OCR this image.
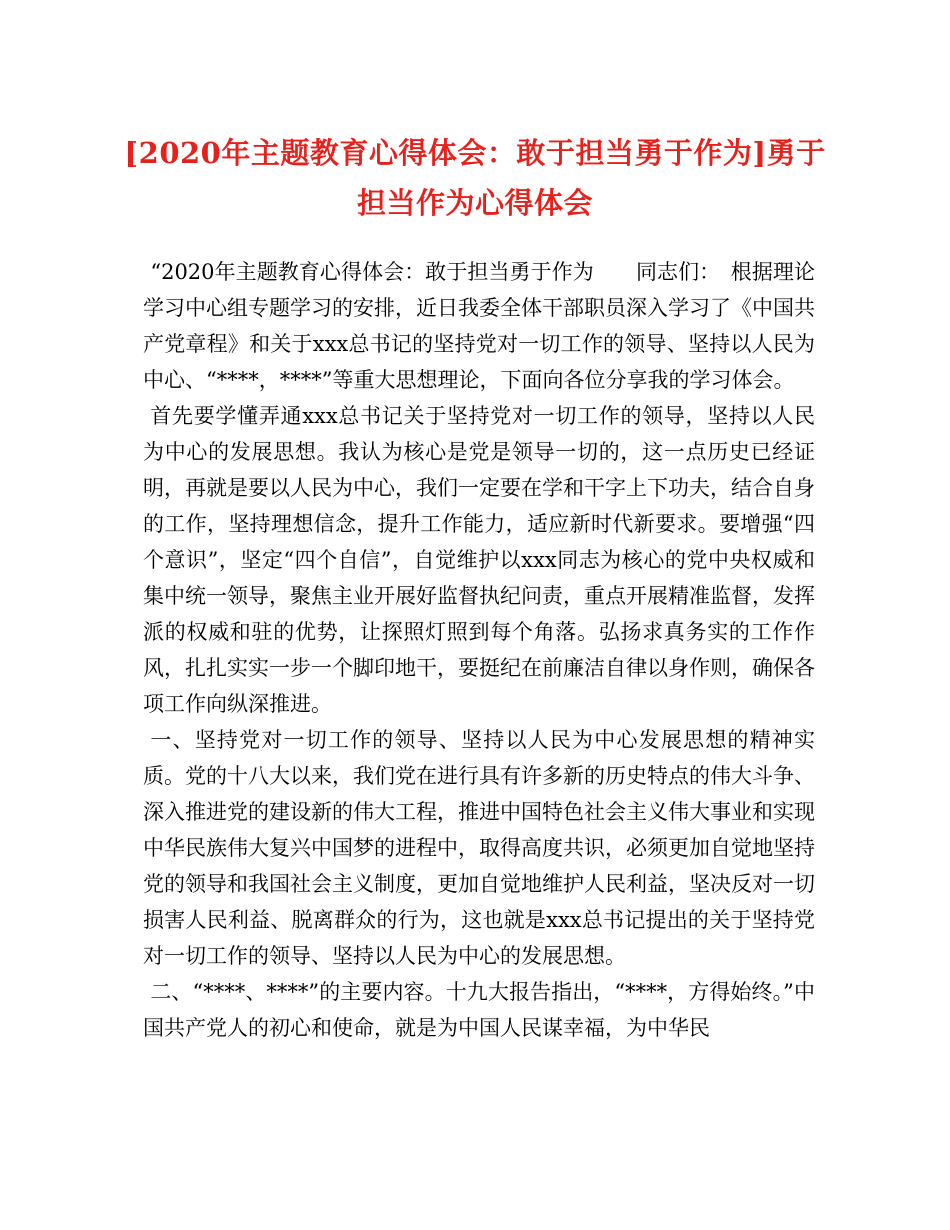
[2020年主题教育心得体会：敢于担当勇于作为]勇于担当作为心得体会

“2020年主题教育心得体会：敢于担当勇于作为　　同志们：　根据理论学习中心组专题学习的安排，近日我委全体干部职员深入学习了《中国共产党章程》和关于xxx总书记的坚持党对一切工作的领导、坚持以人民为中心、“****，****”等重大思想理论，下面向各位分享我的学习体会。

首先要学懂弄通xxx总书记关于坚持党对一切工作的领导，坚持以人民为中心的发展思想。我认为核心是党是领导一切的，这一点历史已经证明，再就是要以人民为中心，我们一定要在学和干字上下功夫，结合自身的工作，坚持理想信念，提升工作能力，适应新时代新要求。要增强“四个意识”，坚定“四个自信”，自觉维护以xxx同志为核心的党中央权威和集中统一领导，聚焦主业开展好监督执纪问责，重点开展精准监督，发挥派的权威和驻的优势，让探照灯照到每个角落。弘扬求真务实的工作作风，扎扎实实一步一个脚印地干，要挺纪在前廉洁自律以身作则，确保各项工作向纵深推进。

一、坚持党对一切工作的领导、坚持以人民为中心发展思想的精神实质。党的十八大以来，我们党在进行具有许多新的历史特点的伟大斗争、深入推进党的建设新的伟大工程，推进中国特色社会主义伟大事业和实现中华民族伟大复兴中国梦的进程中，取得高度共识，必须更加自觉地坚持党的领导和我国社会主义制度，更加自觉地维护人民利益，坚决反对一切损害人民利益、脱离群众的行为，这也就是xxx总书记提出的关于坚持党对一切工作的领导、坚持以人民为中心的发展思想。

二、“****、****”的主要内容。十九大报告指出，“****，方得始终。”中国共产党人的初心和使命，就是为中国人民谋幸福，为中华民
